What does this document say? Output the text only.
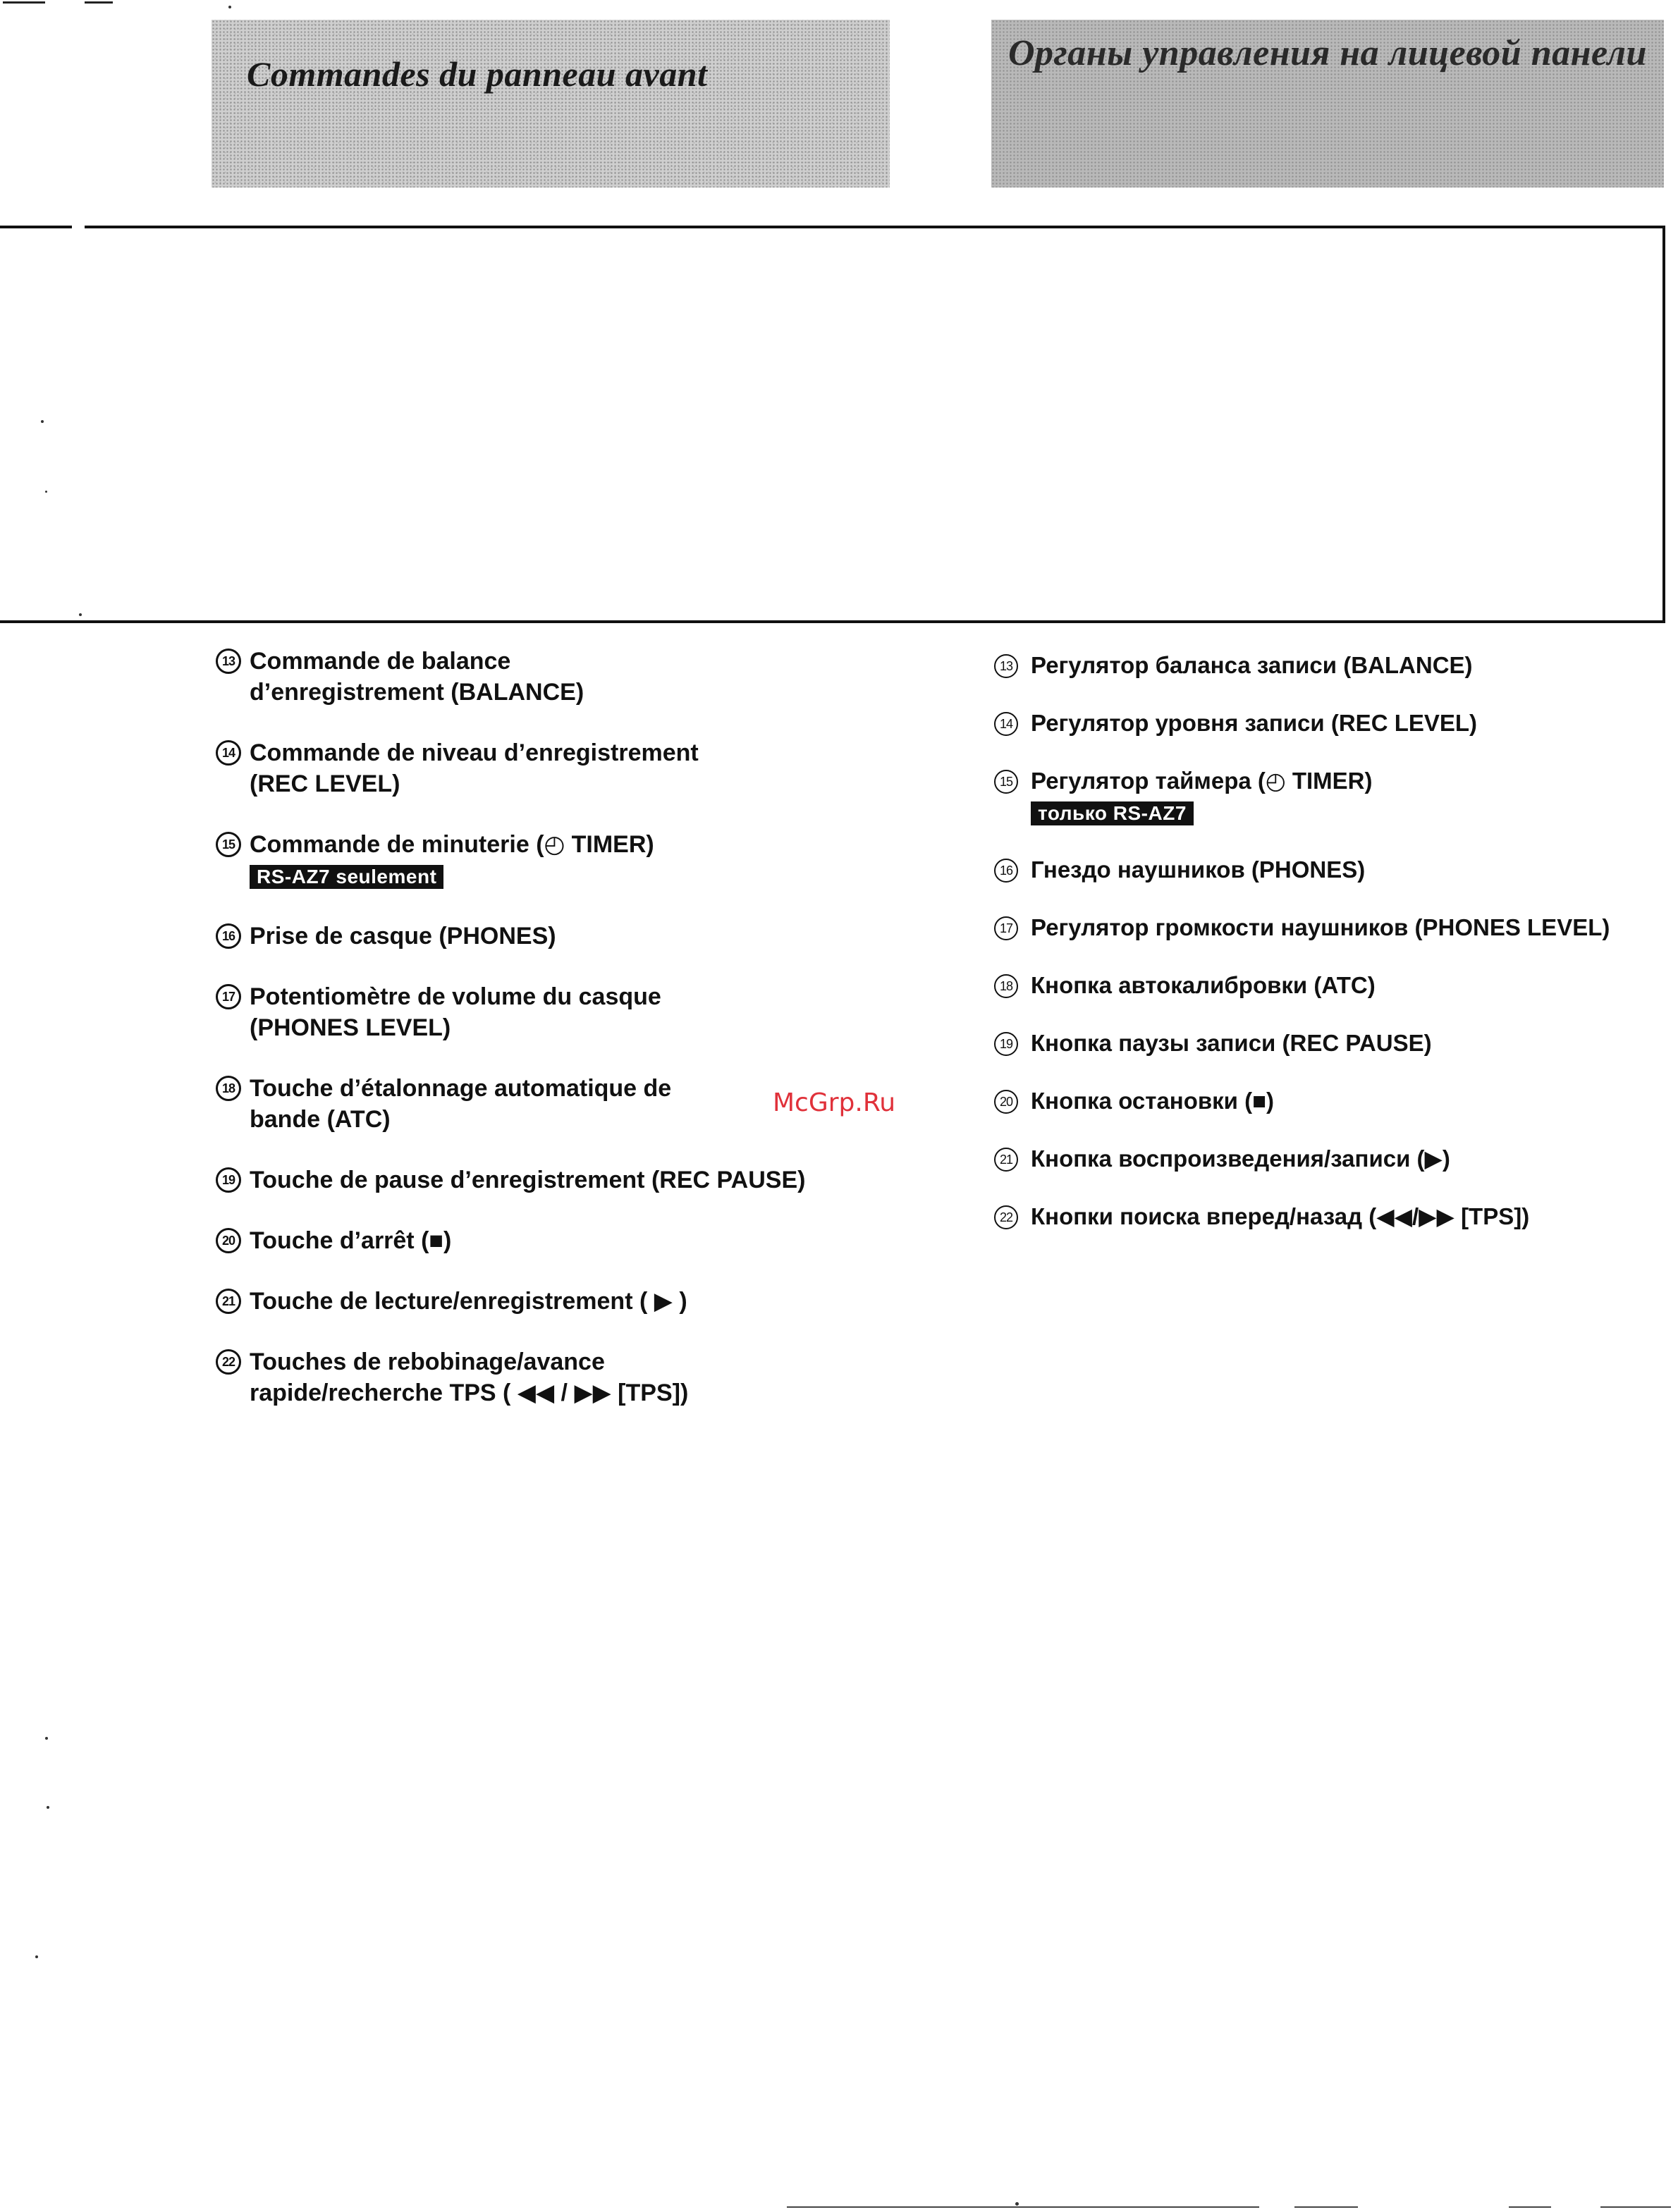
Commandes du panneau avant
Органы управления на лицевой панели
13 Commande de balance
d’enregistrement (BALANCE)
14 Commande de niveau d’enregistrement
(REC LEVEL)
15 Commande de minuterie (◴ TIMER)
RS-AZ7 seulement
16 Prise de casque (PHONES)
17 Potentiomètre de volume du casque
(PHONES LEVEL)
18 Touche d’étalonnage automatique de
bande (ATC)
19 Touche de pause d’enregistrement (REC PAUSE)
20 Touche d’arrêt (■)
21 Touche de lecture/enregistrement ( ▶ )
22 Touches de rebobinage/avance
rapide/recherche TPS ( ◀◀ / ▶▶ [TPS])
13 Регулятор баланса записи (BALANCE)
14 Регулятор уровня записи (REC LEVEL)
15 Регулятор таймера (◴ TIMER)
только RS-AZ7
16 Гнездо наушников (PHONES)
17 Регулятор громкости наушников (PHONES LEVEL)
18 Кнопка автокалибровки (ATC)
19 Кнопка паузы записи (REC PAUSE)
20 Кнопка остановки (■)
21 Кнопка воспроизведения/записи (▶)
22 Кнопки поиска вперед/назад (◀◀/▶▶ [TPS])
McGrp.Ru
